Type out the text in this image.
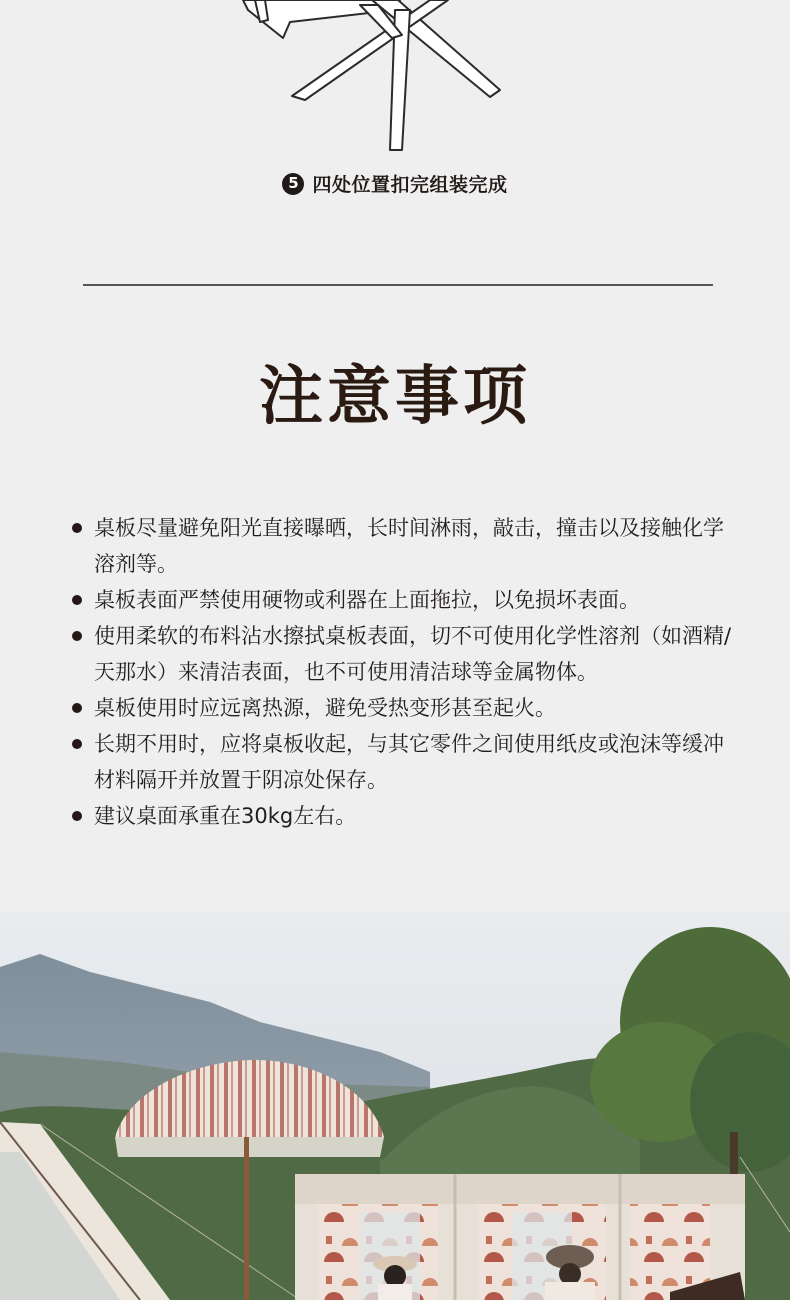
5 四处位置扣完组装完成
注意事项
桌板尽量避免阳光直接曝晒，长时间淋雨，敲击，撞击以及接触化学溶剂等。
桌板表面严禁使用硬物或利器在上面拖拉，以免损坏表面。
使用柔软的布料沾水擦拭桌板表面，切不可使用化学性溶剂（如酒精/天那水）来清洁表面，也不可使用清洁球等金属物体。
桌板使用时应远离热源，避免受热变形甚至起火。
长期不用时，应将桌板收起，与其它零件之间使用纸皮或泡沫等缓冲材料隔开并放置于阴凉处保存。
建议桌面承重在30kg左右。
